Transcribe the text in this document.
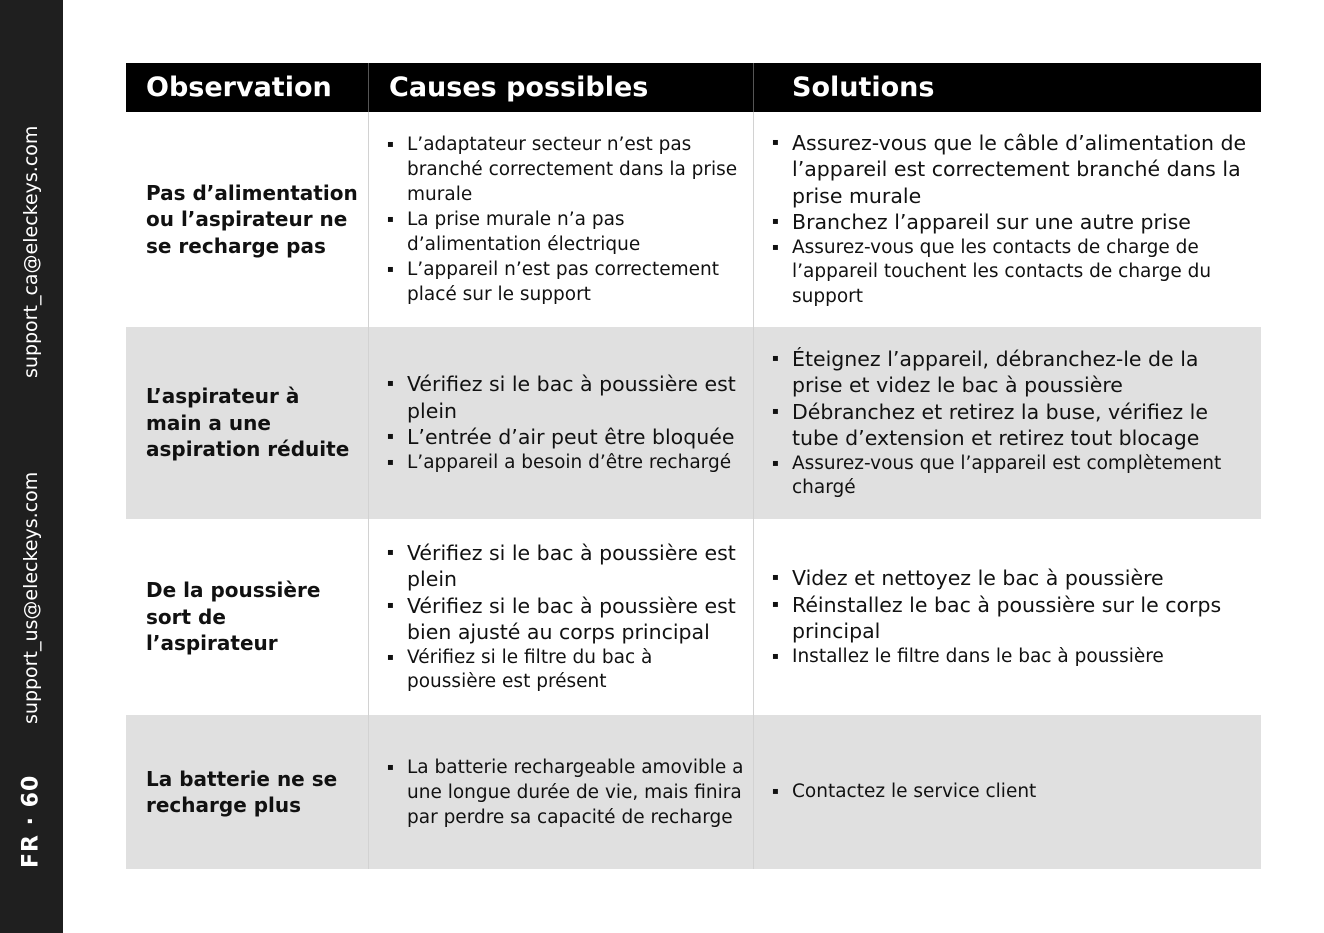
FR · 60
support_us@eleckeys.com
support_ca@eleckeys.com
Observation	Causes possibles	Solutions

Pas d’alimentation ou l’aspirateur ne se recharge pas

▪ L’adaptateur secteur n’est pas branché correctement dans la prise murale
▪ La prise murale n’a pas d’alimentation électrique
▪ L’appareil n’est pas correctement placé sur le support
▪ Assurez-vous que le câble d’alimentation de l’appareil est correctement branché dans la prise murale
▪ Branchez l’appareil sur une autre prise
▪ Assurez-vous que les contacts de charge de l’appareil touchent les contacts de charge du support

L’aspirateur à main a une aspiration réduite

▪ Vérifiez si le bac à poussière est plein
▪ L’entrée d’air peut être bloquée
▪ L’appareil a besoin d’être rechargé
▪ Éteignez l’appareil, débranchez-le de la prise et videz le bac à poussière
▪ Débranchez et retirez la buse, vérifiez le tube d’extension et retirez tout blocage
▪ Assurez-vous que l’appareil est complètement chargé

De la poussière sort de l’aspirateur

▪ Vérifiez si le bac à poussière est plein
▪ Vérifiez si le bac à poussière est bien ajusté au corps principal
▪ Vérifiez si le filtre du bac à poussière est présent
▪ Videz et nettoyez le bac à poussière
▪ Réinstallez le bac à poussière sur le corps principal
▪ Installez le filtre dans le bac à poussière

La batterie ne se recharge plus

▪ La batterie rechargeable amovible a une longue durée de vie, mais finira par perdre sa capacité de recharge
▪ Contactez le service client
